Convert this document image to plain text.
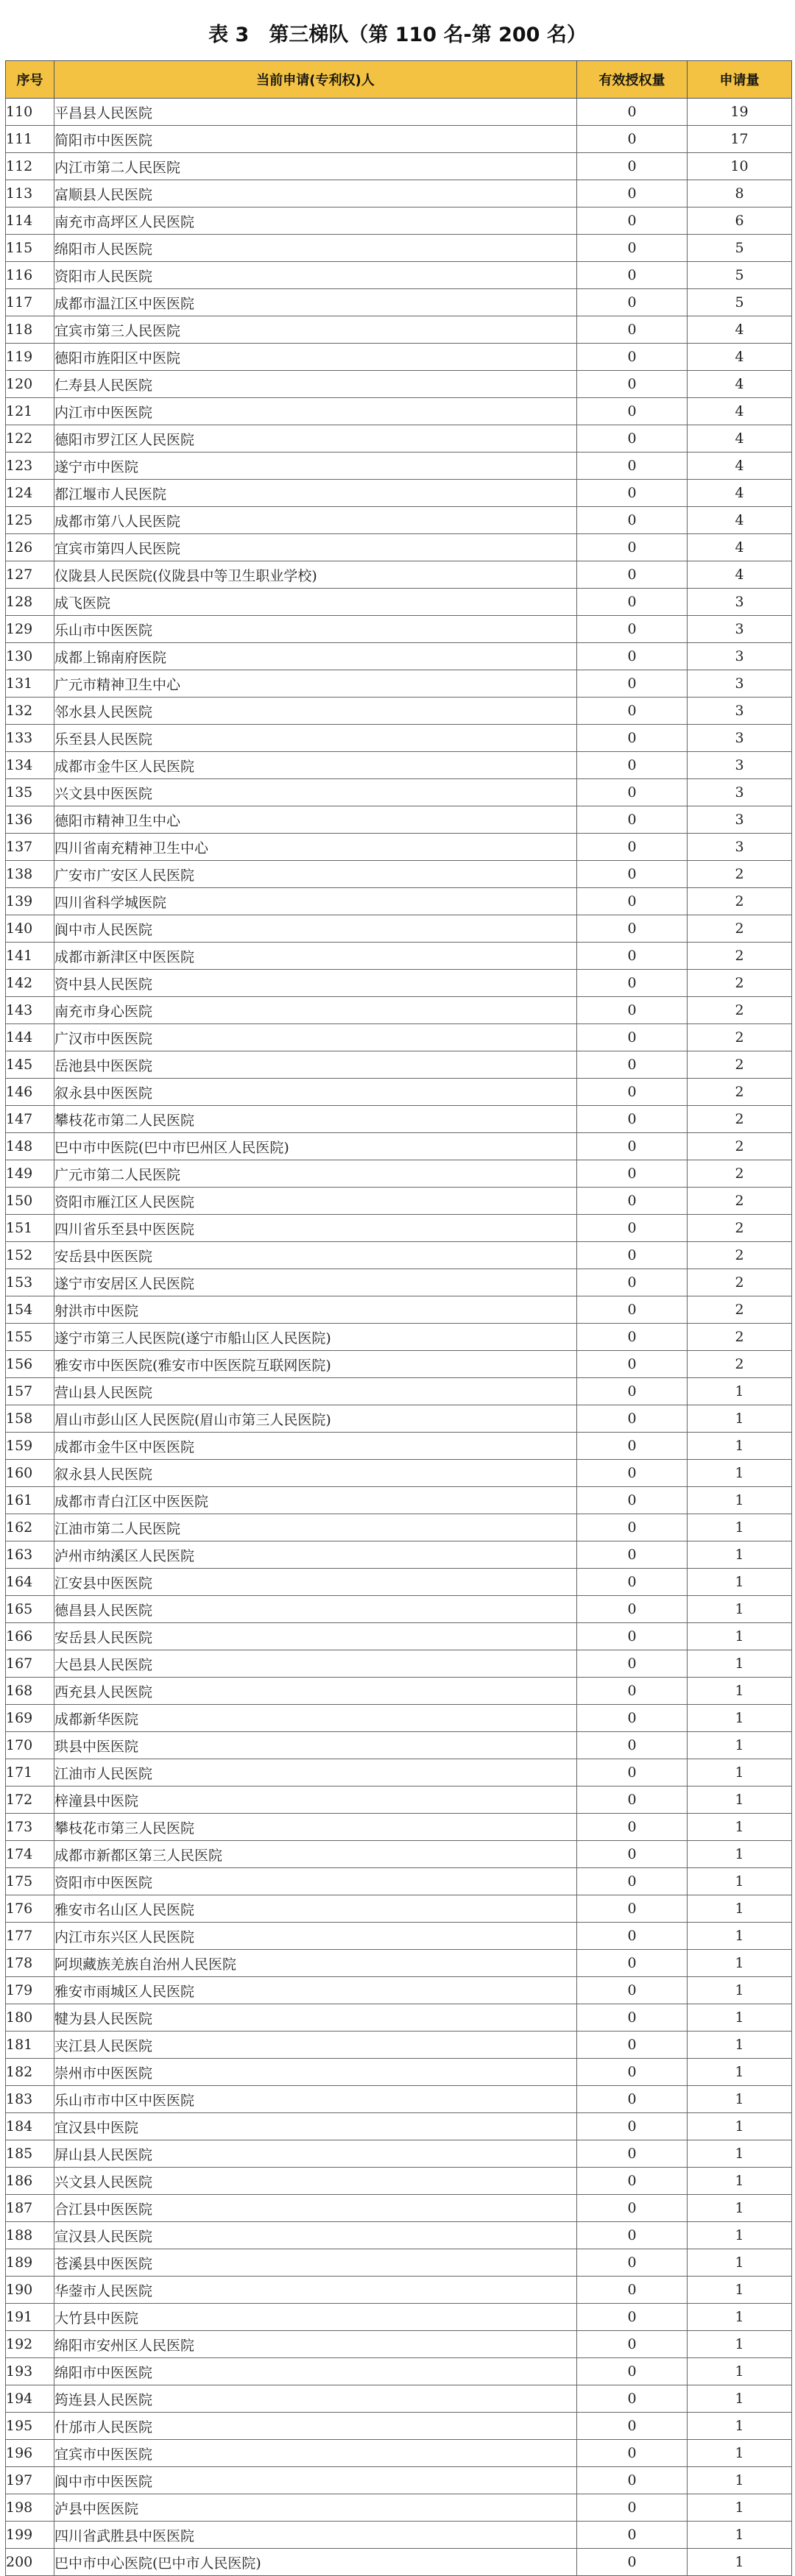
表 3　第三梯队（第 110 名-第 200 名）
序号	当前申请(专利权)人	有效授权量	申请量
110	平昌县人民医院	0	19
111	简阳市中医医院	0	17
112	内江市第二人民医院	0	10
113	富顺县人民医院	0	8
114	南充市高坪区人民医院	0	6
115	绵阳市人民医院	0	5
116	资阳市人民医院	0	5
117	成都市温江区中医医院	0	5
118	宜宾市第三人民医院	0	4
119	德阳市旌阳区中医院	0	4
120	仁寿县人民医院	0	4
121	内江市中医医院	0	4
122	德阳市罗江区人民医院	0	4
123	遂宁市中医院	0	4
124	都江堰市人民医院	0	4
125	成都市第八人民医院	0	4
126	宜宾市第四人民医院	0	4
127	仪陇县人民医院(仪陇县中等卫生职业学校)	0	4
128	成飞医院	0	3
129	乐山市中医医院	0	3
130	成都上锦南府医院	0	3
131	广元市精神卫生中心	0	3
132	邻水县人民医院	0	3
133	乐至县人民医院	0	3
134	成都市金牛区人民医院	0	3
135	兴文县中医医院	0	3
136	德阳市精神卫生中心	0	3
137	四川省南充精神卫生中心	0	3
138	广安市广安区人民医院	0	2
139	四川省科学城医院	0	2
140	阆中市人民医院	0	2
141	成都市新津区中医医院	0	2
142	资中县人民医院	0	2
143	南充市身心医院	0	2
144	广汉市中医医院	0	2
145	岳池县中医医院	0	2
146	叙永县中医医院	0	2
147	攀枝花市第二人民医院	0	2
148	巴中市中医院(巴中市巴州区人民医院)	0	2
149	广元市第二人民医院	0	2
150	资阳市雁江区人民医院	0	2
151	四川省乐至县中医医院	0	2
152	安岳县中医医院	0	2
153	遂宁市安居区人民医院	0	2
154	射洪市中医院	0	2
155	遂宁市第三人民医院(遂宁市船山区人民医院)	0	2
156	雅安市中医医院(雅安市中医医院互联网医院)	0	2
157	营山县人民医院	0	1
158	眉山市彭山区人民医院(眉山市第三人民医院)	0	1
159	成都市金牛区中医医院	0	1
160	叙永县人民医院	0	1
161	成都市青白江区中医医院	0	1
162	江油市第二人民医院	0	1
163	泸州市纳溪区人民医院	0	1
164	江安县中医医院	0	1
165	德昌县人民医院	0	1
166	安岳县人民医院	0	1
167	大邑县人民医院	0	1
168	西充县人民医院	0	1
169	成都新华医院	0	1
170	珙县中医医院	0	1
171	江油市人民医院	0	1
172	梓潼县中医院	0	1
173	攀枝花市第三人民医院	0	1
174	成都市新都区第三人民医院	0	1
175	资阳市中医医院	0	1
176	雅安市名山区人民医院	0	1
177	内江市东兴区人民医院	0	1
178	阿坝藏族羌族自治州人民医院	0	1
179	雅安市雨城区人民医院	0	1
180	犍为县人民医院	0	1
181	夹江县人民医院	0	1
182	崇州市中医医院	0	1
183	乐山市市中区中医医院	0	1
184	宜汉县中医院	0	1
185	屏山县人民医院	0	1
186	兴文县人民医院	0	1
187	合江县中医医院	0	1
188	宣汉县人民医院	0	1
189	苍溪县中医医院	0	1
190	华蓥市人民医院	0	1
191	大竹县中医院	0	1
192	绵阳市安州区人民医院	0	1
193	绵阳市中医医院	0	1
194	筠连县人民医院	0	1
195	什邡市人民医院	0	1
196	宜宾市中医医院	0	1
197	阆中市中医医院	0	1
198	泸县中医医院	0	1
199	四川省武胜县中医医院	0	1
200	巴中市中心医院(巴中市人民医院)	0	1
